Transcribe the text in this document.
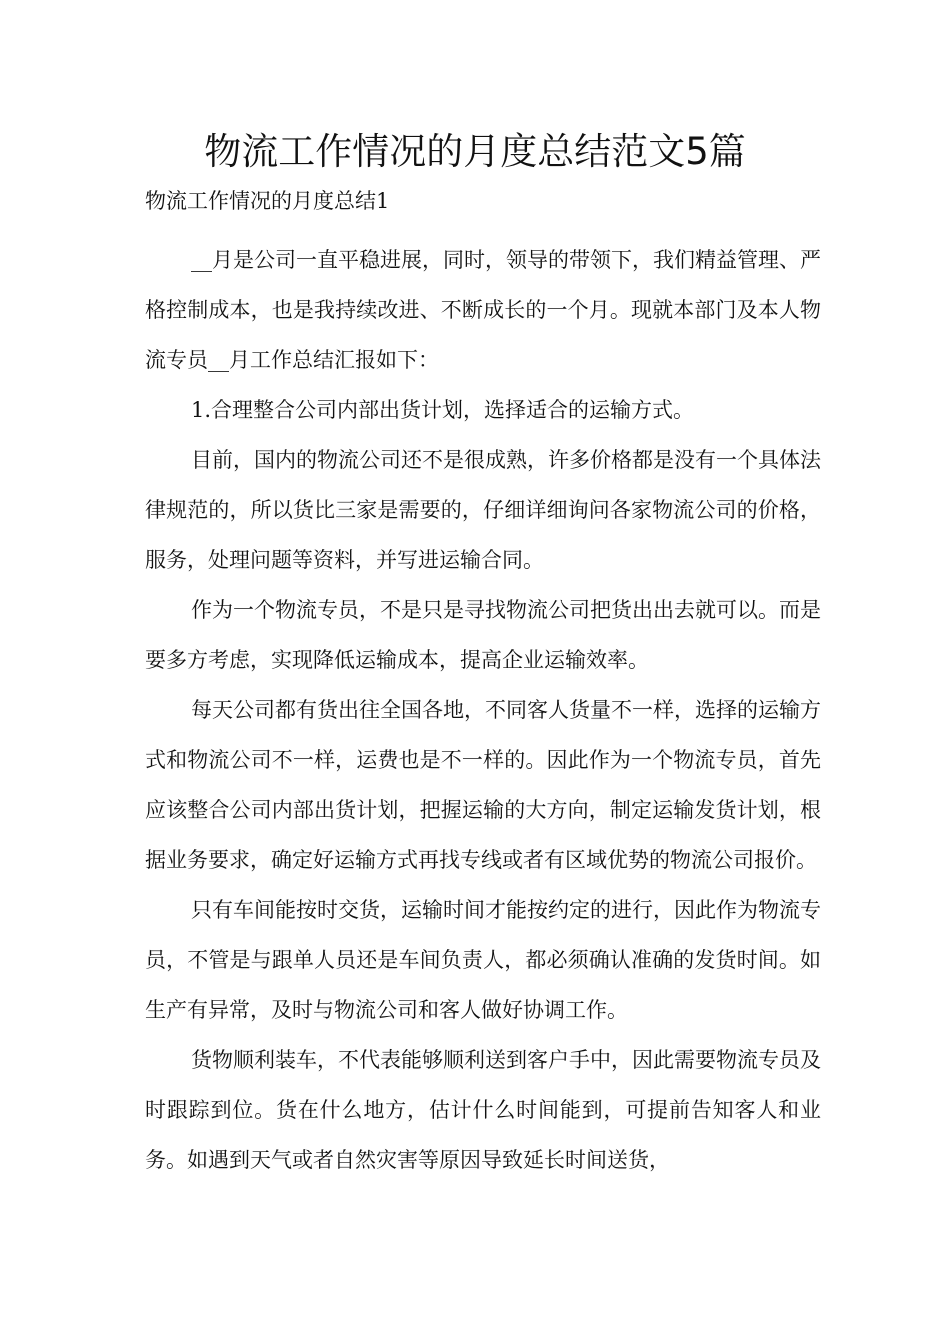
物流工作情况的月度总结范文5篇
物流工作情况的月度总结1

__月是公司一直平稳进展，同时，领导的带领下，我们精益管理、严格控制成本，也是我持续改进、不断成长的一个月。现就本部门及本人物流专员__月工作总结汇报如下：

1.合理整合公司内部出货计划，选择适合的运输方式。

目前，国内的物流公司还不是很成熟，许多价格都是没有一个具体法律规范的，所以货比三家是需要的，仔细详细询问各家物流公司的价格，服务，处理问题等资料，并写进运输合同。

作为一个物流专员，不是只是寻找物流公司把货出出去就可以。而是要多方考虑，实现降低运输成本，提高企业运输效率。

每天公司都有货出往全国各地，不同客人货量不一样，选择的运输方式和物流公司不一样，运费也是不一样的。因此作为一个物流专员，首先应该整合公司内部出货计划，把握运输的大方向，制定运输发货计划，根据业务要求，确定好运输方式再找专线或者有区域优势的物流公司报价。

只有车间能按时交货，运输时间才能按约定的进行，因此作为物流专员，不管是与跟单人员还是车间负责人，都必须确认准确的发货时间。如生产有异常，及时与物流公司和客人做好协调工作。

货物顺利装车，不代表能够顺利送到客户手中，因此需要物流专员及时跟踪到位。货在什么地方，估计什么时间能到，可提前告知客人和业务。如遇到天气或者自然灾害等原因导致延长时间送货，
